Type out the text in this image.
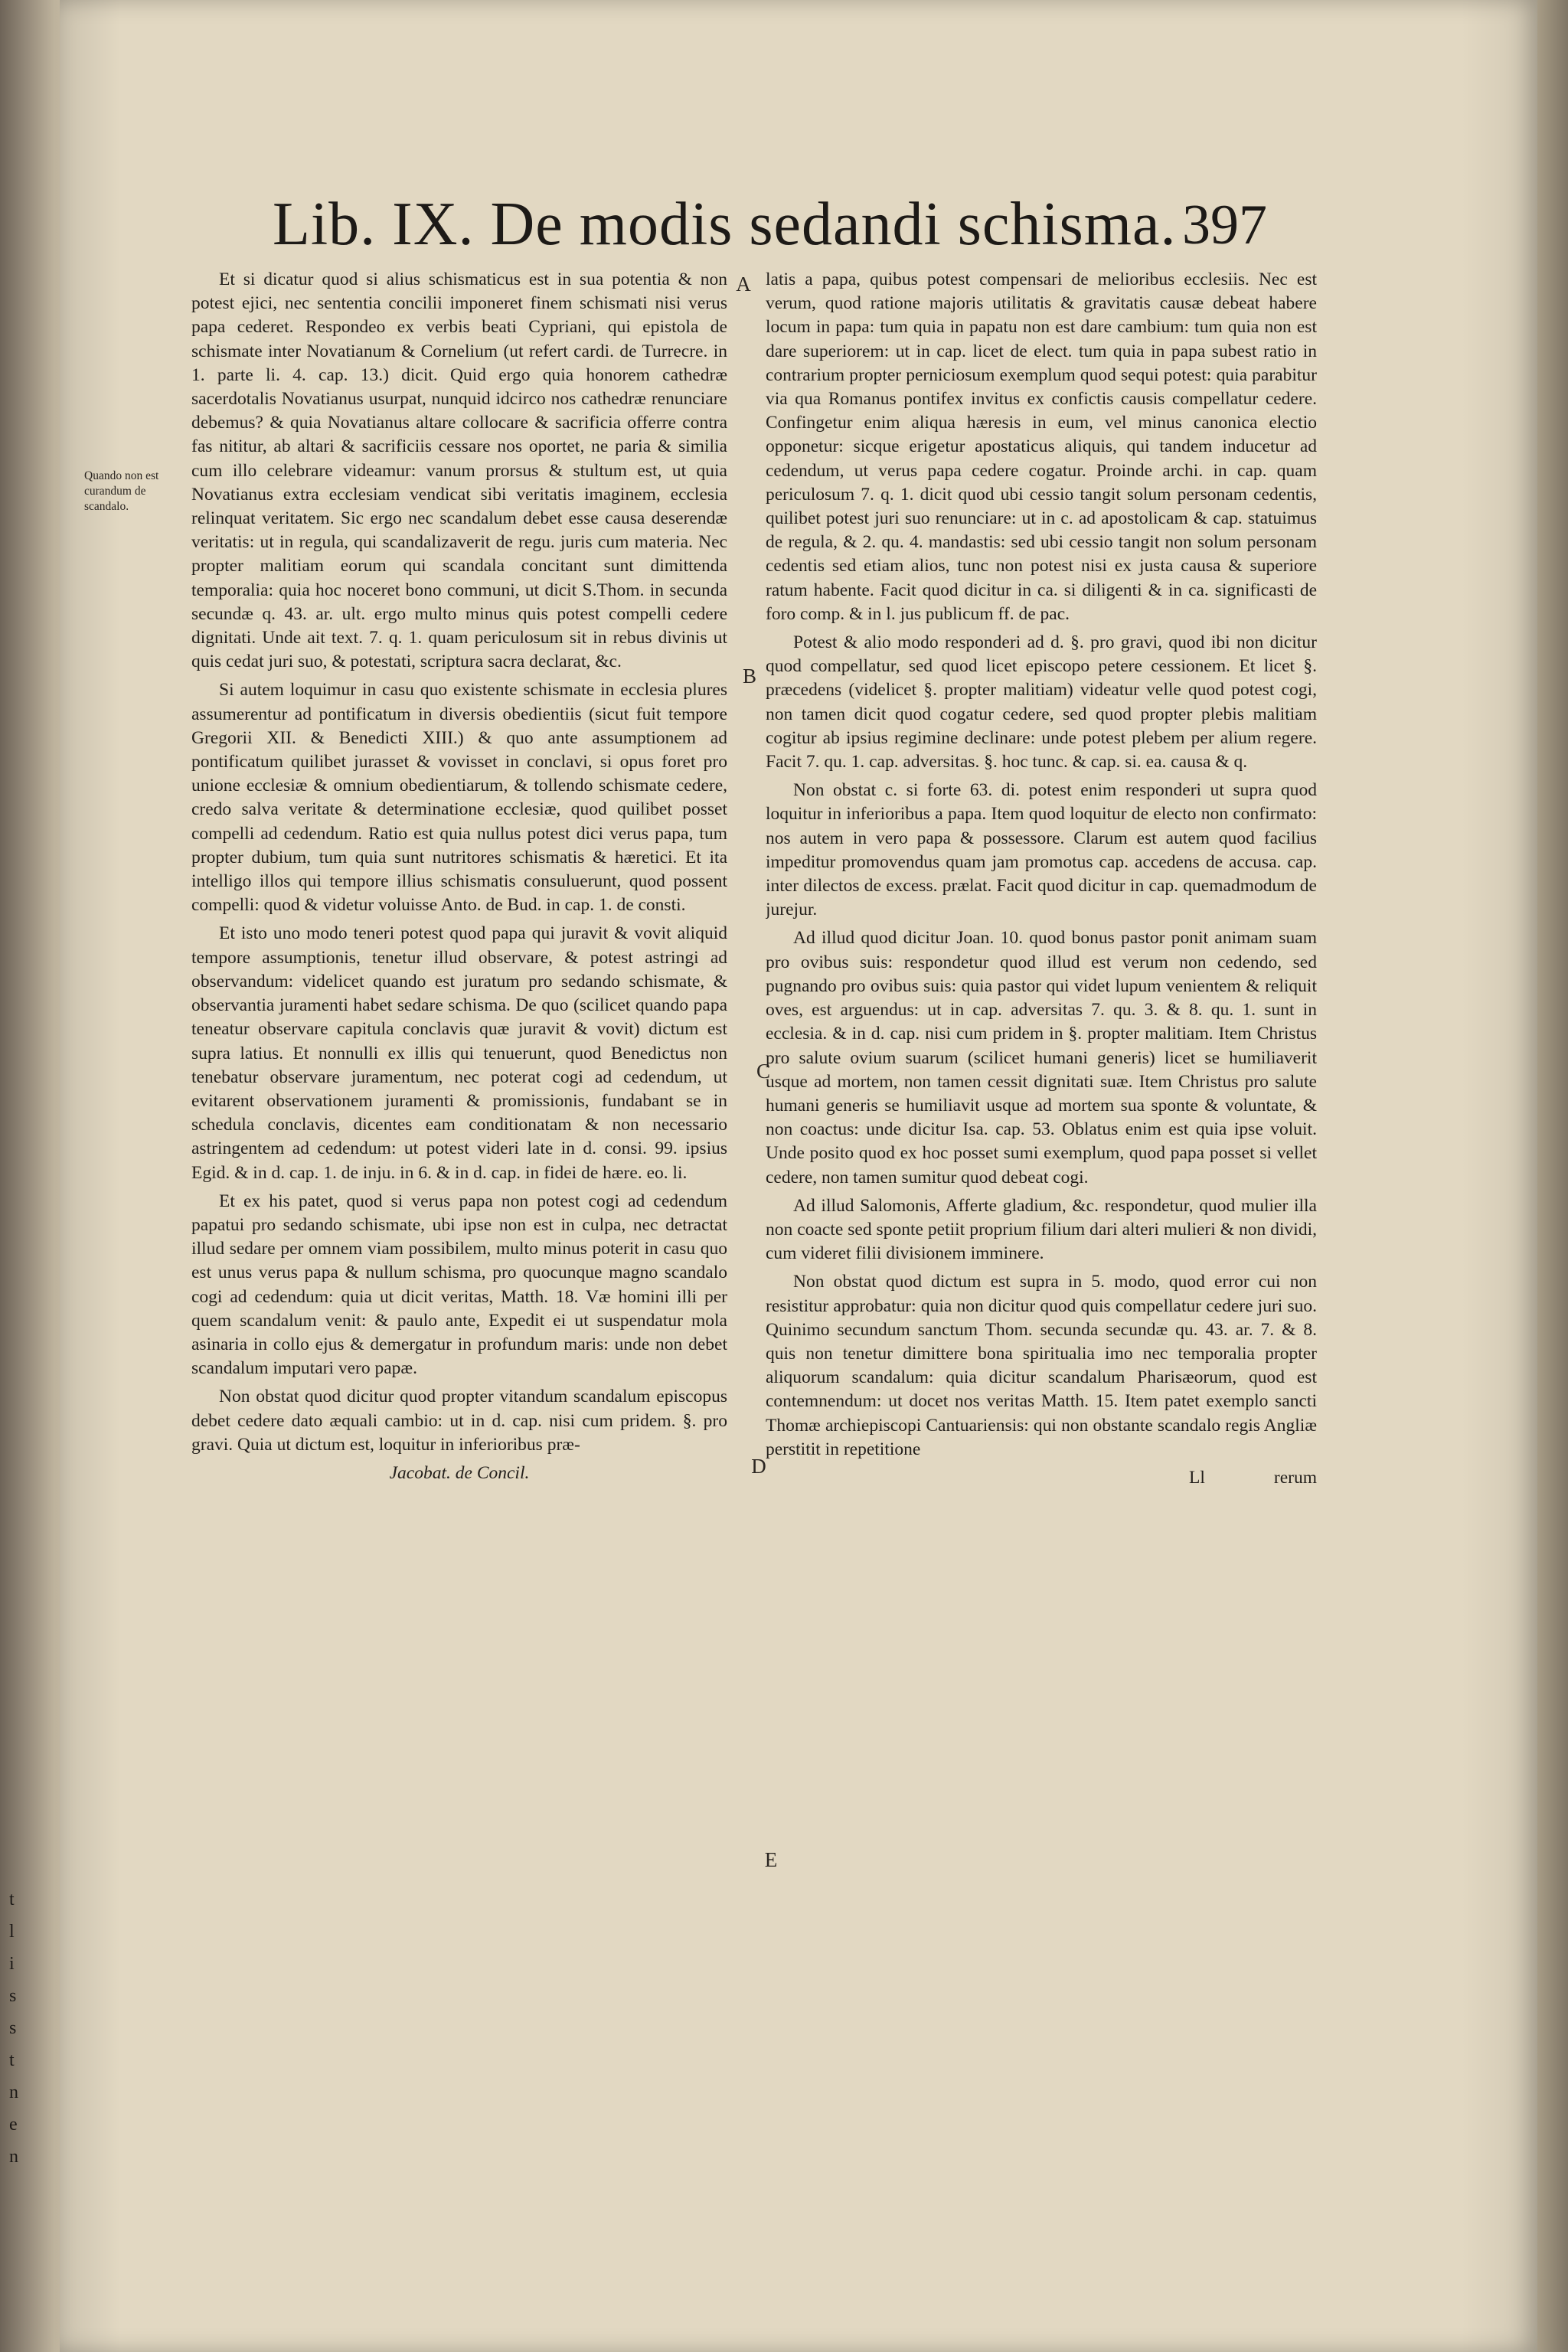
t
l
i
s
s
t
n
e
n
Lib. IX. De modis sedandi schisma. 397
Quando non est curandum de scandalo.
A
B
C
D
E

Et si dicatur quod si alius schismaticus est in sua potentia & non potest ejici, nec sententia concilii imponeret finem schismati nisi verus papa cederet. Respondeo ex verbis beati Cypriani, qui epistola de schismate inter Novatianum & Cornelium (ut refert cardi. de Turrecre. in 1. parte li. 4. cap. 13.) dicit. Quid ergo quia honorem cathedræ sacerdotalis Novatianus usurpat, nunquid idcirco nos cathedræ renunciare debemus? & quia Novatianus altare collocare & sacrificia offerre contra fas nititur, ab altari & sacrificiis cessare nos oportet, ne paria & similia cum illo celebrare videamur: vanum prorsus & stultum est, ut quia Novatianus extra ecclesiam vendicat sibi veritatis imaginem, ecclesia relinquat veritatem. Sic ergo nec scandalum debet esse causa deserendæ veritatis: ut in regula, qui scandalizaverit de regu. juris cum materia. Nec propter malitiam eorum qui scandala concitant sunt dimittenda temporalia: quia hoc noceret bono communi, ut dicit S.Thom. in secunda secundæ q. 43. ar. ult. ergo multo minus quis potest compelli cedere dignitati. Unde ait text. 7. q. 1. quam periculosum sit in rebus divinis ut quis cedat juri suo, & potestati, scriptura sacra declarat, &c.

Si autem loquimur in casu quo existente schismate in ecclesia plures assumerentur ad pontificatum in diversis obedientiis (sicut fuit tempore Gregorii XII. & Benedicti XIII.) & quo ante assumptionem ad pontificatum quilibet jurasset & vovisset in conclavi, si opus foret pro unione ecclesiæ & omnium obedientiarum, & tollendo schismate cedere, credo salva veritate & determinatione ecclesiæ, quod quilibet posset compelli ad cedendum. Ratio est quia nullus potest dici verus papa, tum propter dubium, tum quia sunt nutritores schismatis & hæretici. Et ita intelligo illos qui tempore illius schismatis consuluerunt, quod possent compelli: quod & videtur voluisse Anto. de Bud. in cap. 1. de consti.

Et isto uno modo teneri potest quod papa qui juravit & vovit aliquid tempore assumptionis, tenetur illud observare, & potest astringi ad observandum: videlicet quando est juratum pro sedando schismate, & observantia juramenti habet sedare schisma. De quo (scilicet quando papa teneatur observare capitula conclavis quæ juravit & vovit) dictum est supra latius. Et nonnulli ex illis qui tenuerunt, quod Benedictus non tenebatur observare juramentum, nec poterat cogi ad cedendum, ut evitarent observationem juramenti & promissionis, fundabant se in schedula conclavis, dicentes eam conditionatam & non necessario astringentem ad cedendum: ut potest videri late in d. consi. 99. ipsius Egid. & in d. cap. 1. de inju. in 6. & in d. cap. in fidei de hære. eo. li.

Et ex his patet, quod si verus papa non potest cogi ad cedendum papatui pro sedando schismate, ubi ipse non est in culpa, nec detractat illud sedare per omnem viam possibilem, multo minus poterit in casu quo est unus verus papa & nullum schisma, pro quocunque magno scandalo cogi ad cedendum: quia ut dicit veritas, Matth. 18. Væ homini illi per quem scandalum venit: & paulo ante, Expedit ei ut suspendatur mola asinaria in collo ejus & demergatur in profundum maris: unde non debet scandalum imputari vero papæ.

Non obstat quod dicitur quod propter vitandum scandalum episcopus debet cedere dato æquali cambio: ut in d. cap. nisi cum pridem. §. pro gravi. Quia ut dictum est, loquitur in inferioribus præ-

Jacobat. de Concil.

latis a papa, quibus potest compensari de melioribus ecclesiis. Nec est verum, quod ratione majoris utilitatis & gravitatis causæ debeat habere locum in papa: tum quia in papatu non est dare cambium: tum quia non est dare superiorem: ut in cap. licet de elect. tum quia in papa subest ratio in contrarium propter perniciosum exemplum quod sequi potest: quia parabitur via qua Romanus pontifex invitus ex confictis causis compellatur cedere. Confingetur enim aliqua hæresis in eum, vel minus canonica electio opponetur: sicque erigetur apostaticus aliquis, qui tandem inducetur ad cedendum, ut verus papa cedere cogatur. Proinde archi. in cap. quam periculosum 7. q. 1. dicit quod ubi cessio tangit solum personam cedentis, quilibet potest juri suo renunciare: ut in c. ad apostolicam & cap. statuimus de regula, & 2. qu. 4. mandastis: sed ubi cessio tangit non solum personam cedentis sed etiam alios, tunc non potest nisi ex justa causa & superiore ratum habente. Facit quod dicitur in ca. si diligenti & in ca. significasti de foro comp. & in l. jus publicum ff. de pac.

Potest & alio modo responderi ad d. §. pro gravi, quod ibi non dicitur quod compellatur, sed quod licet episcopo petere cessionem. Et licet §. præcedens (videlicet §. propter malitiam) videatur velle quod potest cogi, non tamen dicit quod cogatur cedere, sed quod propter plebis malitiam cogitur ab ipsius regimine declinare: unde potest plebem per alium regere. Facit 7. qu. 1. cap. adversitas. §. hoc tunc. & cap. si. ea. causa & q.

Non obstat c. si forte 63. di. potest enim responderi ut supra quod loquitur in inferioribus a papa. Item quod loquitur de electo non confirmato: nos autem in vero papa & possessore. Clarum est autem quod facilius impeditur promovendus quam jam promotus cap. accedens de accusa. cap. inter dilectos de excess. prælat. Facit quod dicitur in cap. quemadmodum de jurejur.

Ad illud quod dicitur Joan. 10. quod bonus pastor ponit animam suam pro ovibus suis: respondetur quod illud est verum non cedendo, sed pugnando pro ovibus suis: quia pastor qui videt lupum venientem & reliquit oves, est arguendus: ut in cap. adversitas 7. qu. 3. & 8. qu. 1. sunt in ecclesia. & in d. cap. nisi cum pridem in §. propter malitiam. Item Christus pro salute ovium suarum (scilicet humani generis) licet se humiliaverit usque ad mortem, non tamen cessit dignitati suæ. Item Christus pro salute humani generis se humiliavit usque ad mortem sua sponte & voluntate, & non coactus: unde dicitur Isa. cap. 53. Oblatus enim est quia ipse voluit. Unde posito quod ex hoc posset sumi exemplum, quod papa posset si vellet cedere, non tamen sumitur quod debeat cogi.

Ad illud Salomonis, Afferte gladium, &c. respondetur, quod mulier illa non coacte sed sponte petiit proprium filium dari alteri mulieri & non dividi, cum videret filii divisionem imminere.

Non obstat quod dictum est supra in 5. modo, quod error cui non resistitur approbatur: quia non dicitur quod quis compellatur cedere juri suo. Quinimo secundum sanctum Thom. secunda secundæ qu. 43. ar. 7. & 8. quis non tenetur dimittere bona spiritualia imo nec temporalia propter aliquorum scandalum: quia dicitur scandalum Pharisæorum, quod est contemnendum: ut docet nos veritas Matth. 15. Item patet exemplo sancti Thomæ archiepiscopi Cantuariensis: qui non obstante scandalo regis Angliæ perstitit in repetitione

Ll	rerum
